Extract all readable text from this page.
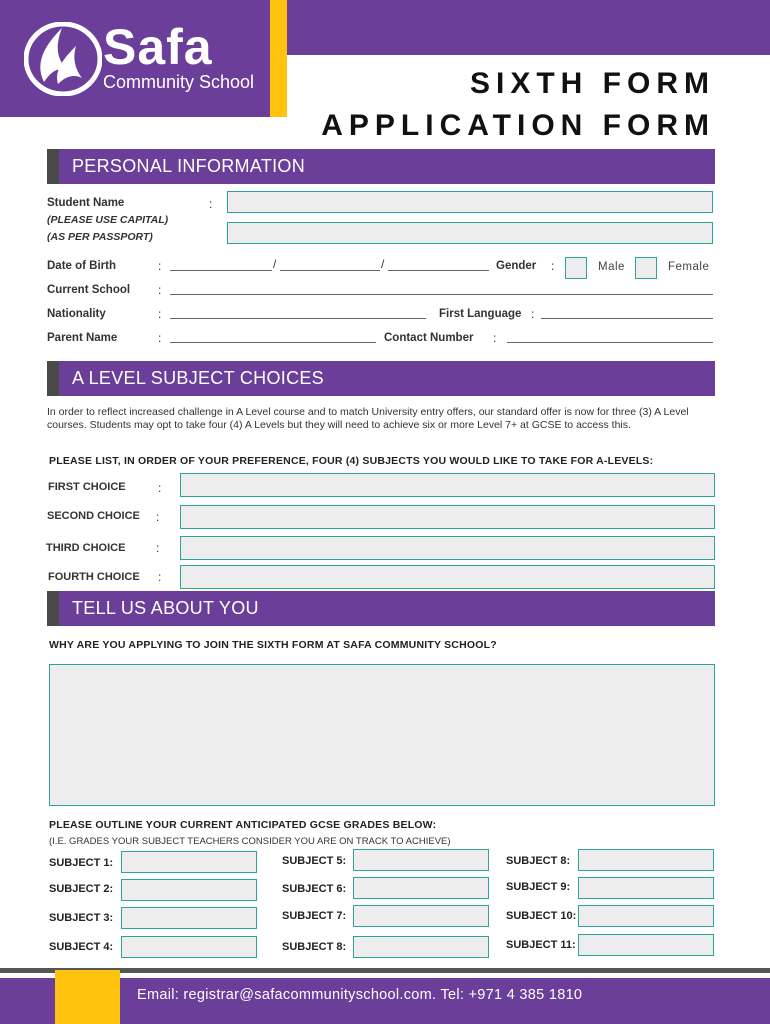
Safa
Community School	SIXTH FORM
APPLICATION FORM
PERSONAL INFORMATION
Student Name
(PLEASE USE CAPITAL)
(AS PER PASSPORT)
:
Date of Birth	:	/	/	Gender :	Male	Female
Current School :
Nationality	:	First Language :
Parent Name	:	Contact Number :
A LEVEL SUBJECT CHOICES
In order to reflect increased challenge in A Level course and to match University entry offers, our standard offer is now for three (3) A Level courses. Students may opt to take four (4) A Levels but they will need to achieve six or more Level 7+ at GCSE to access this.
PLEASE LIST, IN ORDER OF YOUR PREFERENCE, FOUR (4) SUBJECTS YOU WOULD LIKE TO TAKE FOR A-LEVELS:
FIRST CHOICE	:
SECOND CHOICE :
THIRD CHOICE	:
FOURTH CHOICE :
TELL US ABOUT YOU
WHY ARE YOU APPLYING TO JOIN THE SIXTH FORM AT SAFA COMMUNITY SCHOOL?
PLEASE OUTLINE YOUR CURRENT ANTICIPATED GCSE GRADES BELOW:
(I.E. GRADES YOUR SUBJECT TEACHERS CONSIDER YOU ARE ON TRACK TO ACHIEVE)
SUBJECT 1:
SUBJECT 2:
SUBJECT 3:
SUBJECT 4:
SUBJECT 5:
SUBJECT 6:
SUBJECT 7:
SUBJECT 8:
SUBJECT 8:
SUBJECT 9:
SUBJECT 10:
SUBJECT 11:
Email: registrar@safacommunityschool.com. Tel: +971 4 385 1810
